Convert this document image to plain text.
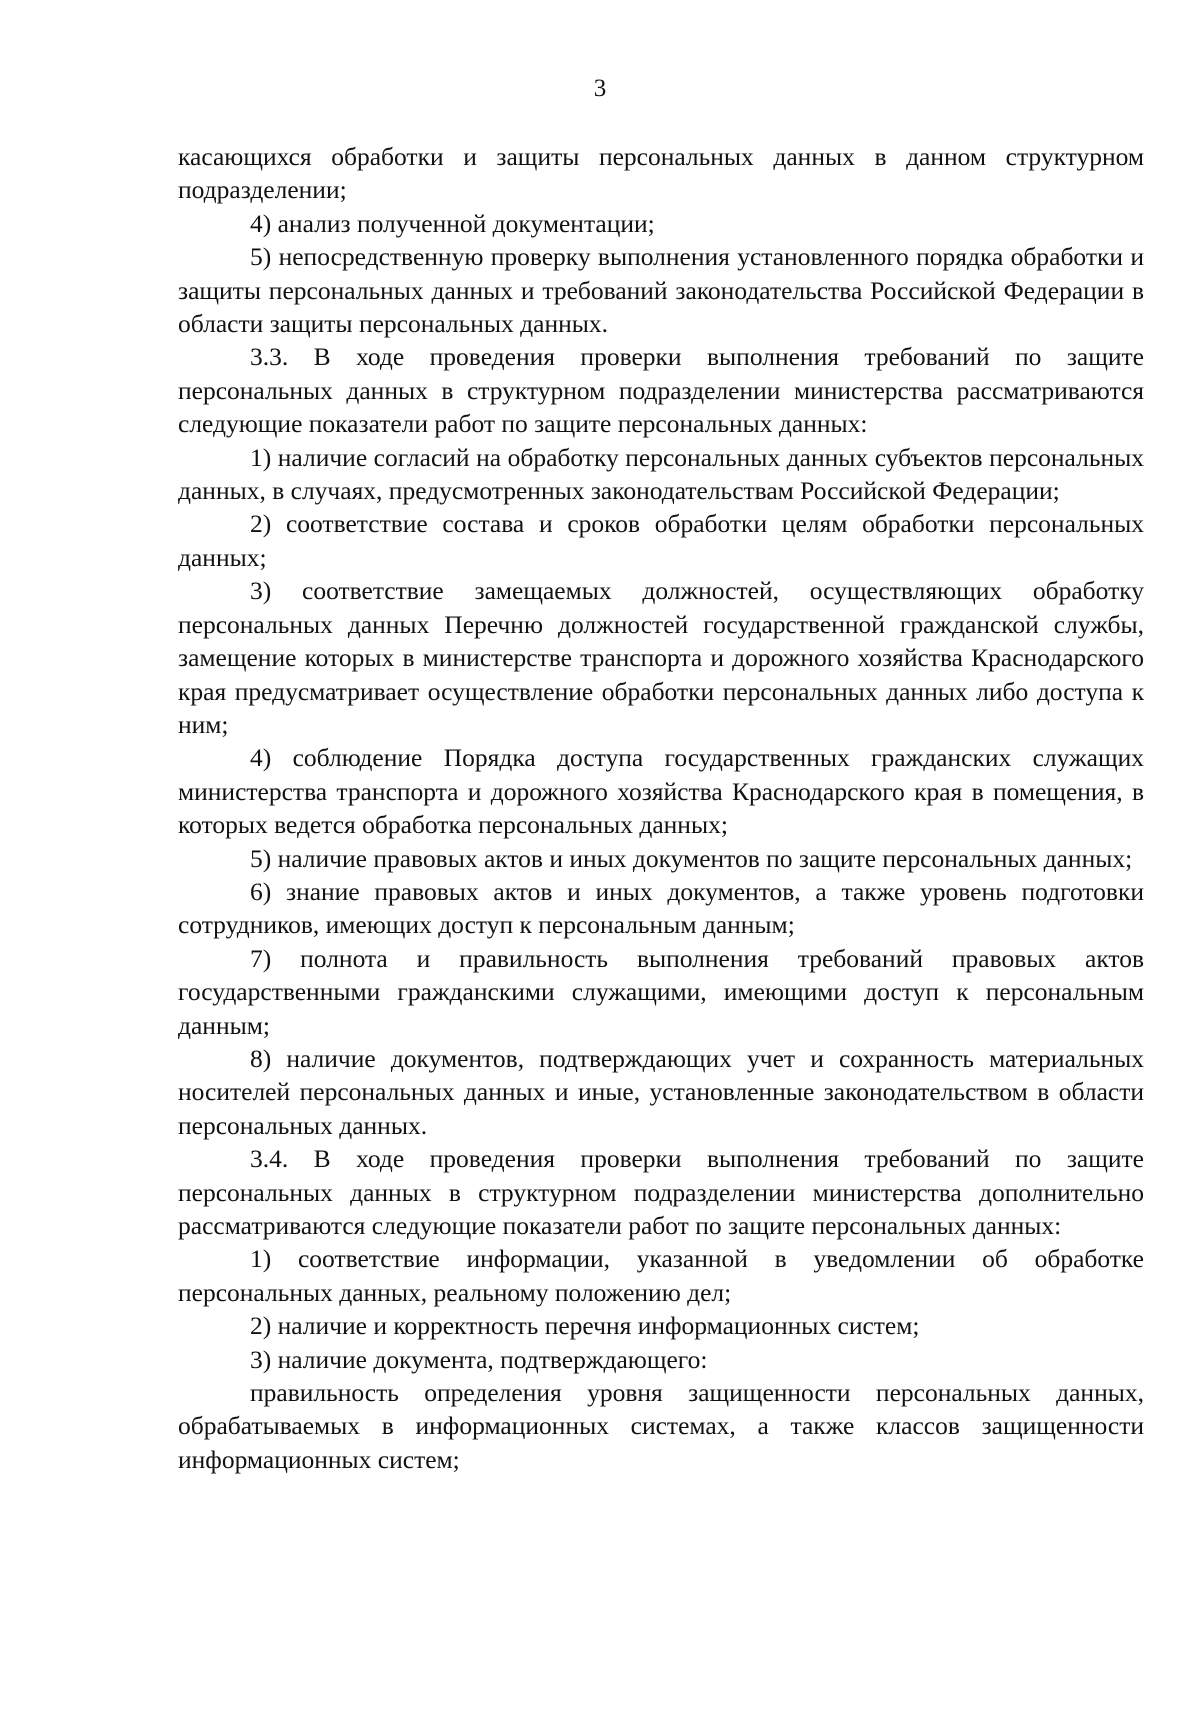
3

касающихся обработки и защиты персональных данных в данном структурном подразделении;

4) анализ полученной документации;

5) непосредственную проверку выполнения установленного порядка обработки и защиты персональных данных и требований законодательства Российской Федерации в области защиты персональных данных.

3.3. В ходе проведения проверки выполнения требований по защите персональных данных в структурном подразделении министерства рассматриваются следующие показатели работ по защите персональных данных:

1) наличие согласий на обработку персональных данных субъектов персональных данных, в случаях, предусмотренных законодательствам Российской Федерации;

2) соответствие состава и сроков обработки целям обработки персональных данных;

3) соответствие замещаемых должностей, осуществляющих обработку персональных данных Перечню должностей государственной гражданской службы, замещение которых в министерстве транспорта и дорожного хозяйства Краснодарского края предусматривает осуществление обработки персональных данных либо доступа к ним;

4) соблюдение Порядка доступа государственных гражданских служащих министерства транспорта и дорожного хозяйства Краснодарского края в помещения, в которых ведется обработка персональных данных;

5) наличие правовых актов и иных документов по защите персональных данных;

6) знание правовых актов и иных документов, а также уровень подготовки сотрудников, имеющих доступ к персональным данным;

7) полнота и правильность выполнения требований правовых актов государственными гражданскими служащими, имеющими доступ к персональным данным;

8) наличие документов, подтверждающих учет и сохранность материальных носителей персональных данных и иные, установленные законодательством в области персональных данных.

3.4. В ходе проведения проверки выполнения требований по защите персональных данных в структурном подразделении министерства дополнительно рассматриваются следующие показатели работ по защите персональных данных:

1) соответствие информации, указанной в уведомлении об обработке персональных данных, реальному положению дел;

2) наличие и корректность перечня информационных систем;

3) наличие документа, подтверждающего:

правильность определения уровня защищенности персональных данных, обрабатываемых в информационных системах, а также классов защищенности информационных систем;
